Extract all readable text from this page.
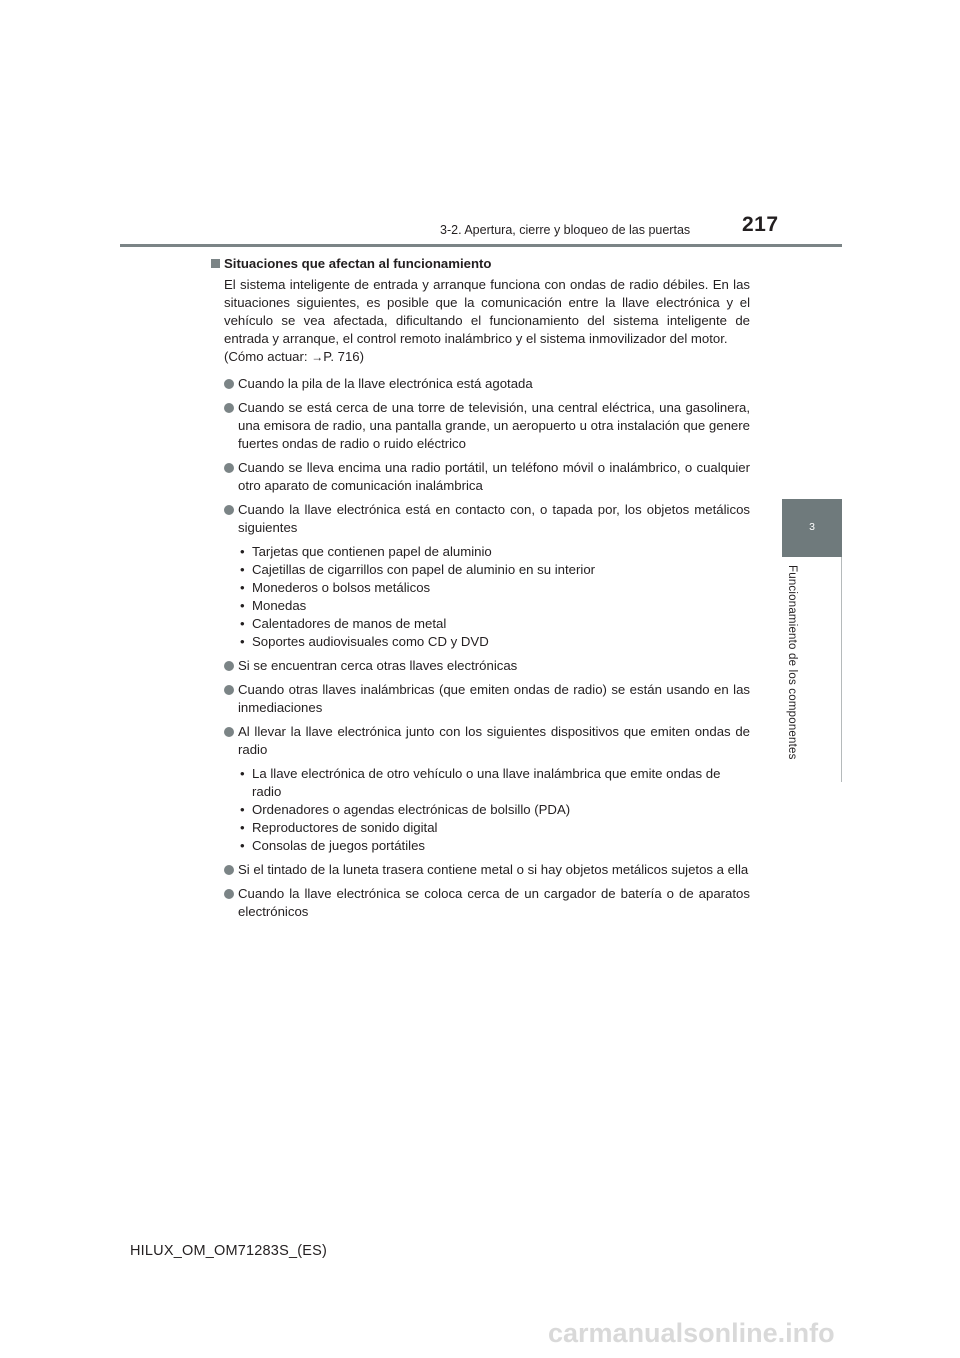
3-2. Apertura, cierre y bloqueo de las puertas 217
3
Funcionamiento de los componentes
Situaciones que afectan al funcionamiento
El sistema inteligente de entrada y arranque funciona con ondas de radio débiles. En las situaciones siguientes, es posible que la comunicación entre la llave electrónica y el vehículo se vea afectada, dificultando el funcionamiento del sistema inteligente de entrada y arranque, el control remoto inalámbrico y el sistema inmovilizador del motor.
(Cómo actuar: →P. 716)
Cuando la pila de la llave electrónica está agotada
Cuando se está cerca de una torre de televisión, una central eléctrica, una gasolinera, una emisora de radio, una pantalla grande, un aeropuerto u otra instalación que genere fuertes ondas de radio o ruido eléctrico
Cuando se lleva encima una radio portátil, un teléfono móvil o inalámbrico, o cualquier otro aparato de comunicación inalámbrica
Cuando la llave electrónica está en contacto con, o tapada por, los objetos metálicos siguientes
• Tarjetas que contienen papel de aluminio
• Cajetillas de cigarrillos con papel de aluminio en su interior
• Monederos o bolsos metálicos
• Monedas
• Calentadores de manos de metal
• Soportes audiovisuales como CD y DVD
Si se encuentran cerca otras llaves electrónicas
Cuando otras llaves inalámbricas (que emiten ondas de radio) se están usando en las inmediaciones
Al llevar la llave electrónica junto con los siguientes dispositivos que emiten ondas de radio
• La llave electrónica de otro vehículo o una llave inalámbrica que emite ondas de radio
• Ordenadores o agendas electrónicas de bolsillo (PDA)
• Reproductores de sonido digital
• Consolas de juegos portátiles
Si el tintado de la luneta trasera contiene metal o si hay objetos metálicos sujetos a ella
Cuando la llave electrónica se coloca cerca de un cargador de batería o de aparatos electrónicos
HILUX_OM_OM71283S_(ES)
carmanualsonline.info
